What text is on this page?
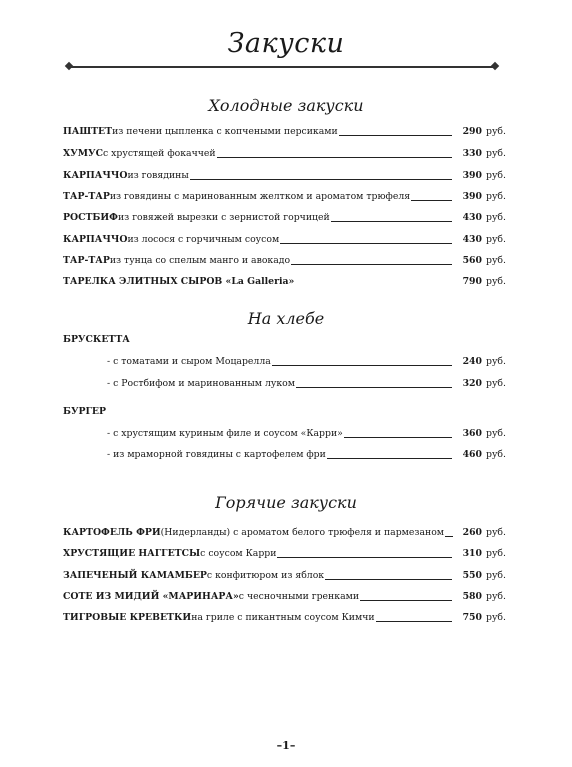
Закуски
Холодные закуски
ПАШТЕТ из печени цыпленка с копчеными персиками	290 руб.
ХУМУС с хрустящей фокаччей	330 руб.
КАРПАЧЧО из говядины	390 руб.
ТАР-ТАР из говядины с маринованным желтком и ароматом трюфеля	390 руб.
РОСТБИФ из говяжей вырезки с зернистой горчицей	430 руб.
КАРПАЧЧО из лосося с горчичным соусом	430 руб.
ТАР-ТАР из тунца со спелым манго и авокадо	560 руб.
ТАРЕЛКА ЭЛИТНЫХ СЫРОВ «La Galleria»	790 руб.
На хлебе
БРУСКЕТТА
- с томатами и сыром Моцарелла	240 руб.
- с Ростбифом и маринованным луком	320 руб.
БУРГЕР
- с хрустящим куриным филе и соусом «Карри»	360 руб.
- из мраморной говядины с картофелем фри	460 руб.
Горячие закуски
КАРТОФЕЛЬ ФРИ (Нидерланды) с ароматом белого трюфеля и пармезаном	260 руб.
ХРУСТЯЩИЕ НАГГЕТСЫ с соусом Карри	310 руб.
ЗАПЕЧЕНЫЙ КАМАМБЕР с конфитюром из яблок	550 руб.
СОТЕ ИЗ МИДИЙ «МАРИНАРА» с чесночными гренками	580 руб.
ТИГРОВЫЕ КРЕВЕТКИ на гриле с пикантным соусом Кимчи	750 руб.
–1–
